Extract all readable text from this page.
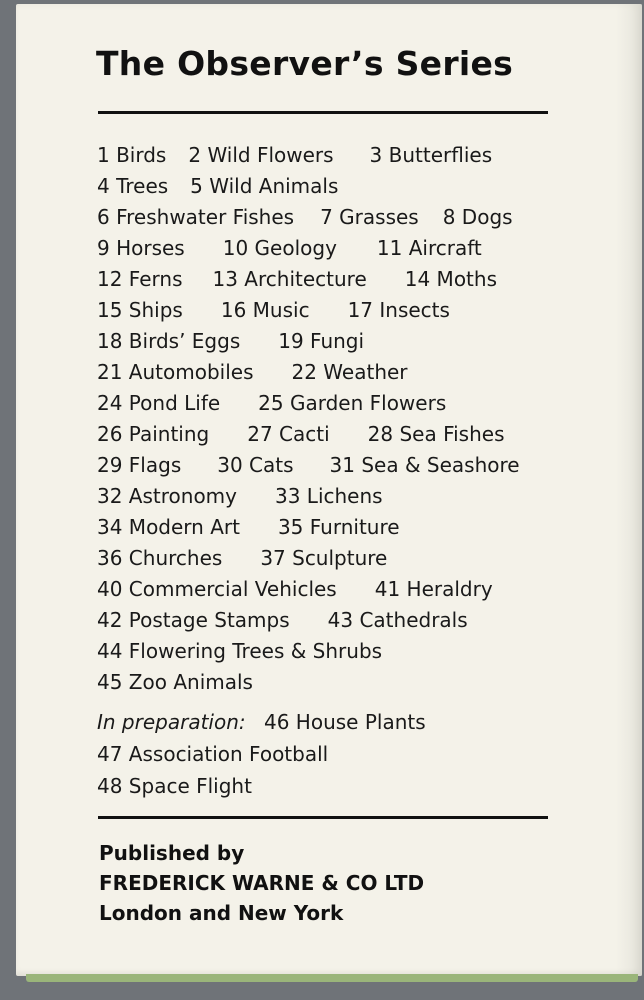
The Observer’s Series
1 Birds 2 Wild Flowers 3 Butterflies
4 Trees 5 Wild Animals
6 Freshwater Fishes 7 Grasses 8 Dogs
9 Horses 10 Geology 11 Aircraft
12 Ferns 13 Architecture 14 Moths
15 Ships 16 Music 17 Insects
18 Birds’ Eggs 19 Fungi
21 Automobiles 22 Weather
24 Pond Life 25 Garden Flowers
26 Painting 27 Cacti 28 Sea Fishes
29 Flags 30 Cats 31 Sea & Seashore
32 Astronomy 33 Lichens
34 Modern Art 35 Furniture
36 Churches 37 Sculpture
40 Commercial Vehicles 41 Heraldry
42 Postage Stamps 43 Cathedrals
44 Flowering Trees & Shrubs
45 Zoo Animals
In preparation: 46 House Plants
47 Association Football
48 Space Flight
Published by
FREDERICK WARNE & CO LTD
London and New York
